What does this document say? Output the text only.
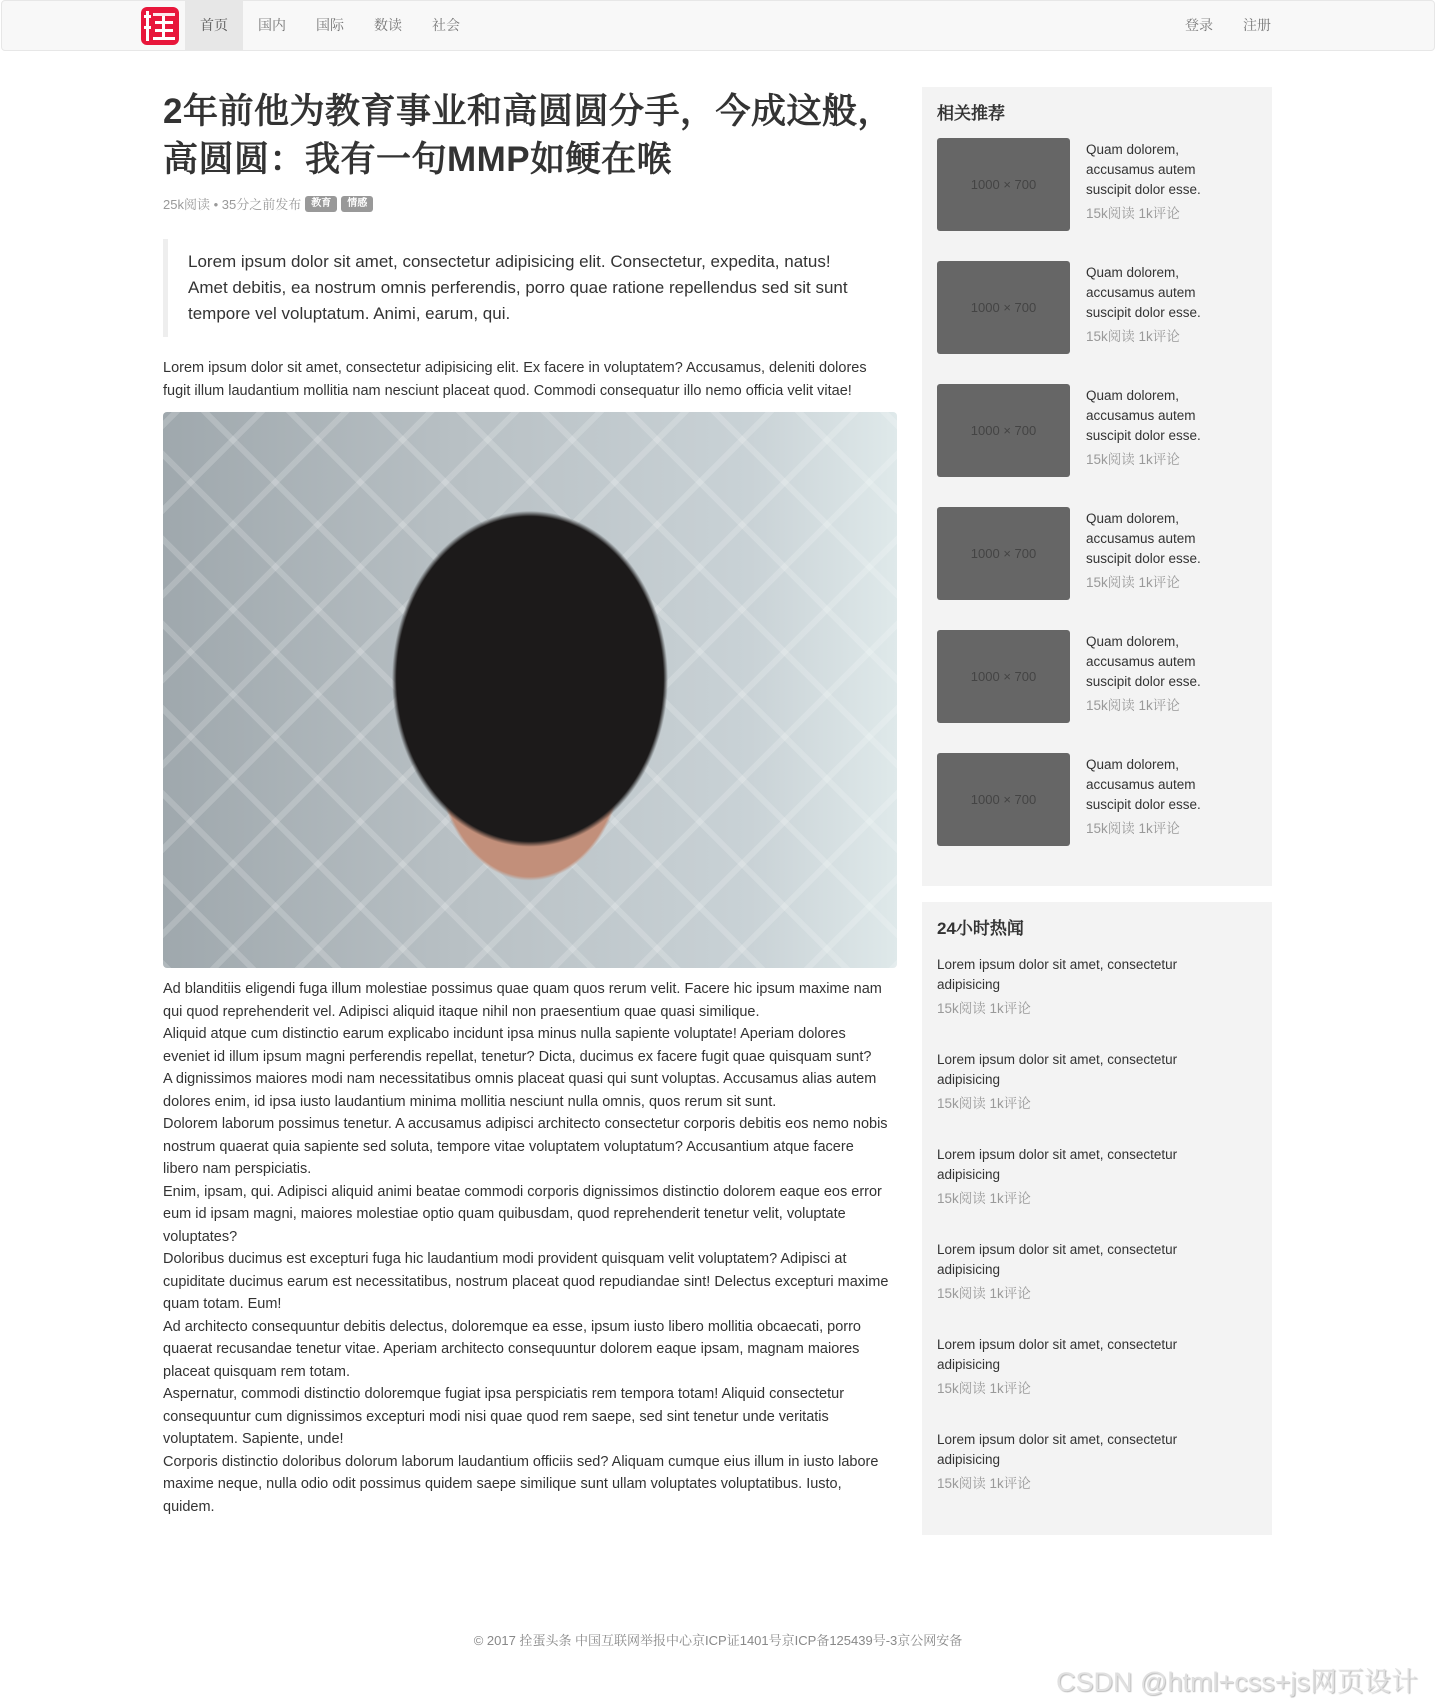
首页	国内	国际	数读	社会	登录	注册
2年前他为教育事业和高圆圆分手，今成这般，高圆圆：我有一句MMP如鲠在喉
25k阅读 • 35分之前发布	教育	情感
Lorem ipsum dolor sit amet, consectetur adipisicing elit. Consectetur, expedita, natus! Amet debitis, ea nostrum omnis perferendis, porro quae ratione repellendus sed sit sunt tempore vel voluptatum. Animi, earum, qui.

Lorem ipsum dolor sit amet, consectetur adipisicing elit. Ex facere in voluptatem? Accusamus, deleniti dolores fugit illum laudantium mollitia nam nesciunt placeat quod. Commodi consequatur illo nemo officia velit vitae!

Ad blanditiis eligendi fuga illum molestiae possimus quae quam quos rerum velit. Facere hic ipsum maxime nam qui quod reprehenderit vel. Adipisci aliquid itaque nihil non praesentium quae quasi similique.

Aliquid atque cum distinctio earum explicabo incidunt ipsa minus nulla sapiente voluptate! Aperiam dolores eveniet id illum ipsum magni perferendis repellat, tenetur? Dicta, ducimus ex facere fugit quae quisquam sunt?

A dignissimos maiores modi nam necessitatibus omnis placeat quasi qui sunt voluptas. Accusamus alias autem dolores enim, id ipsa iusto laudantium minima mollitia nesciunt nulla omnis, quos rerum sit sunt.

Dolorem laborum possimus tenetur. A accusamus adipisci architecto consectetur corporis debitis eos nemo nobis nostrum quaerat quia sapiente sed soluta, tempore vitae voluptatem voluptatum? Accusantium atque facere libero nam perspiciatis.

Enim, ipsam, qui. Adipisci aliquid animi beatae commodi corporis dignissimos distinctio dolorem eaque eos error eum id ipsam magni, maiores molestiae optio quam quibusdam, quod reprehenderit tenetur velit, voluptate voluptates?

Doloribus ducimus est excepturi fuga hic laudantium modi provident quisquam velit voluptatem? Adipisci at cupiditate ducimus earum est necessitatibus, nostrum placeat quod repudiandae sint! Delectus excepturi maxime quam totam. Eum!

Ad architecto consequuntur debitis delectus, doloremque ea esse, ipsum iusto libero mollitia obcaecati, porro quaerat recusandae tenetur vitae. Aperiam architecto consequuntur dolorem eaque ipsam, magnam maiores placeat quisquam rem totam.

Aspernatur, commodi distinctio doloremque fugiat ipsa perspiciatis rem tempora totam! Aliquid consectetur consequuntur cum dignissimos excepturi modi nisi quae quod rem saepe, sed sint tenetur unde veritatis voluptatem. Sapiente, unde!

Corporis distinctio doloribus dolorum laborum laudantium officiis sed? Aliquam cumque eius illum in iusto labore maxime neque, nulla odio odit possimus quidem saepe similique sunt ullam voluptates voluptatibus. Iusto, quidem.

相关推荐
1000 × 700
Quam dolorem, accusamus autem suscipit dolor esse.
15k阅读 1k评论
1000 × 700
Quam dolorem, accusamus autem suscipit dolor esse.
15k阅读 1k评论
1000 × 700
Quam dolorem, accusamus autem suscipit dolor esse.
15k阅读 1k评论
1000 × 700
Quam dolorem, accusamus autem suscipit dolor esse.
15k阅读 1k评论
1000 × 700
Quam dolorem, accusamus autem suscipit dolor esse.
15k阅读 1k评论
1000 × 700
Quam dolorem, accusamus autem suscipit dolor esse.
15k阅读 1k评论
24小时热闻
Lorem ipsum dolor sit amet, consectetur adipisicing
15k阅读 1k评论
Lorem ipsum dolor sit amet, consectetur adipisicing
15k阅读 1k评论
Lorem ipsum dolor sit amet, consectetur adipisicing
15k阅读 1k评论
Lorem ipsum dolor sit amet, consectetur adipisicing
15k阅读 1k评论
Lorem ipsum dolor sit amet, consectetur adipisicing
15k阅读 1k评论
Lorem ipsum dolor sit amet, consectetur adipisicing
15k阅读 1k评论
© 2017 拴蛋头条 中国互联网举报中心京ICP证1401号京ICP备125439号-3京公网安备
CSDN @html+css+js网页设计
